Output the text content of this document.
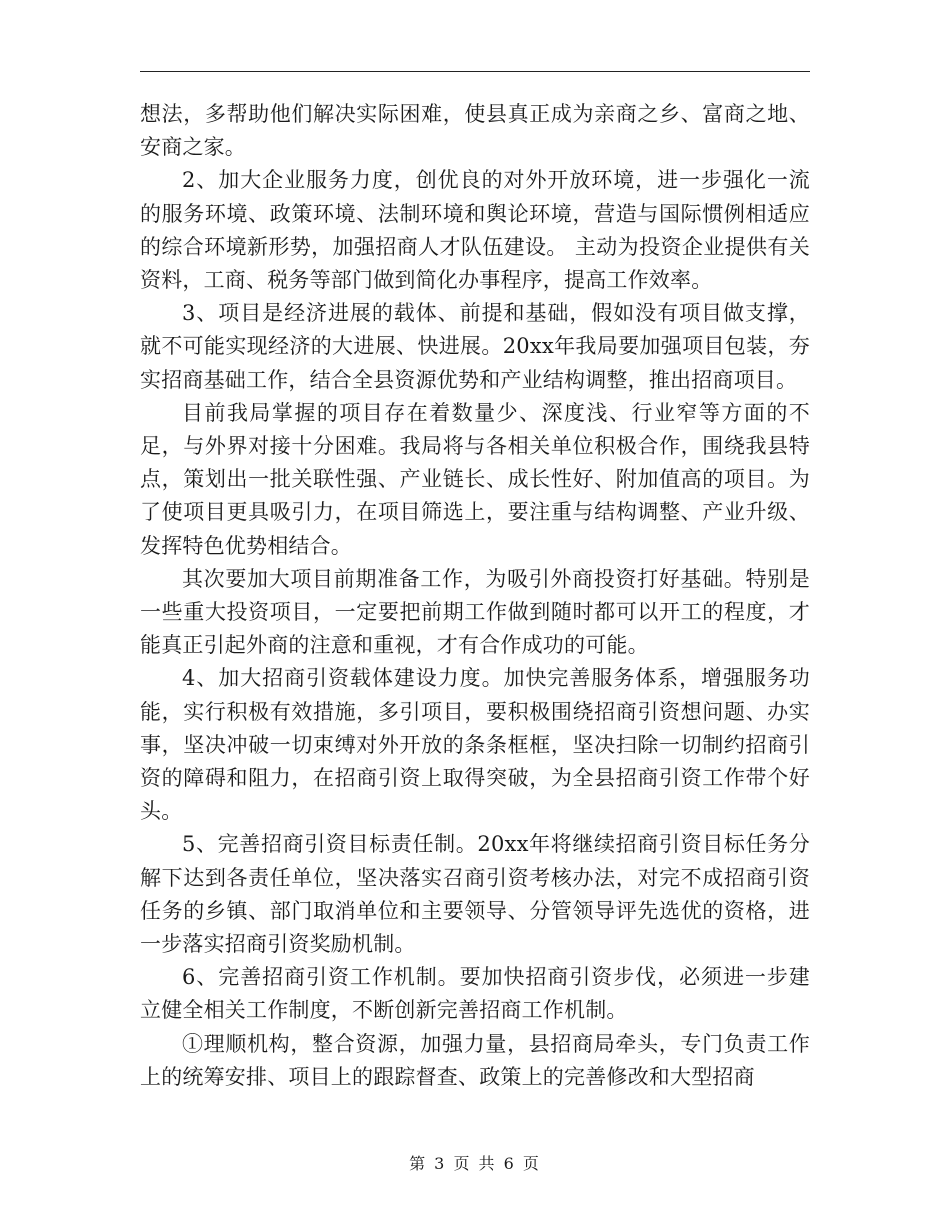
想法，多帮助他们解决实际困难，使县真正成为亲商之乡、富商之地、安商之家。

2、加大企业服务力度，创优良的对外开放环境，进一步强化一流的服务环境、政策环境、法制环境和舆论环境，营造与国际惯例相适应的综合环境新形势，加强招商人才队伍建设。 主动为投资企业提供有关资料，工商、税务等部门做到简化办事程序，提高工作效率。

3、项目是经济进展的载体、前提和基础，假如没有项目做支撑，就不可能实现经济的大进展、快进展。20xx年我局要加强项目包装，夯实招商基础工作，结合全县资源优势和产业结构调整，推出招商项目。

目前我局掌握的项目存在着数量少、深度浅、行业窄等方面的不足，与外界对接十分困难。我局将与各相关单位积极合作，围绕我县特点，策划出一批关联性强、产业链长、成长性好、附加值高的项目。为了使项目更具吸引力，在项目筛选上，要注重与结构调整、产业升级、发挥特色优势相结合。

其次要加大项目前期准备工作，为吸引外商投资打好基础。特别是一些重大投资项目，一定要把前期工作做到随时都可以开工的程度，才能真正引起外商的注意和重视，才有合作成功的可能。

4、加大招商引资载体建设力度。加快完善服务体系，增强服务功能，实行积极有效措施，多引项目，要积极围绕招商引资想问题、办实事，坚决冲破一切束缚对外开放的条条框框，坚决扫除一切制约招商引资的障碍和阻力，在招商引资上取得突破，为全县招商引资工作带个好头。

5、完善招商引资目标责任制。20xx年将继续招商引资目标任务分解下达到各责任单位，坚决落实召商引资考核办法，对完不成招商引资任务的乡镇、部门取消单位和主要领导、分管领导评先选优的资格，进一步落实招商引资奖励机制。

6、完善招商引资工作机制。要加快招商引资步伐，必须进一步建立健全相关工作制度，不断创新完善招商工作机制。

①理顺机构，整合资源，加强力量，县招商局牵头，专门负责工作上的统筹安排、项目上的跟踪督查、政策上的完善修改和大型招商

第 3 页 共 6 页
